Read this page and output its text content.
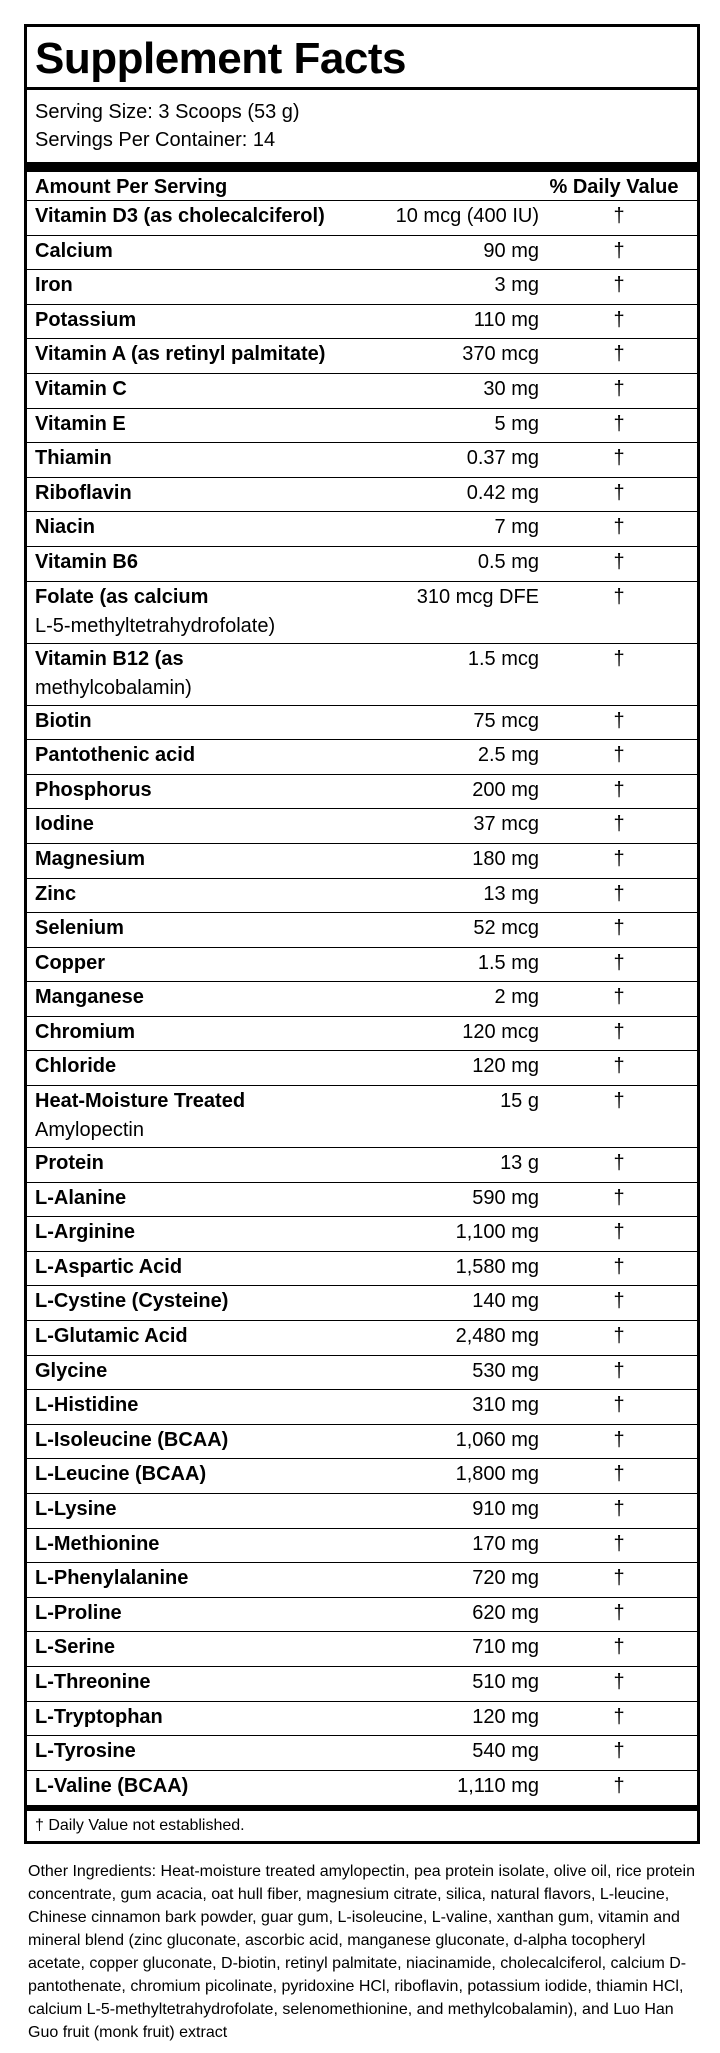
Supplement Facts
Serving Size: 3 Scoops (53 g)
Servings Per Container: 14
Amount Per Serving	% Daily Value
Vitamin D3 (as cholecalciferol)	10 mcg (400 IU)	†
Calcium	90 mg	†
Iron	3 mg	†
Potassium	110 mg	†
Vitamin A (as retinyl palmitate)	370 mcg	†
Vitamin C	30 mg	†
Vitamin E	5 mg	†
Thiamin	0.37 mg	†
Riboflavin	0.42 mg	†
Niacin	7 mg	†
Vitamin B6	0.5 mg	†
Folate (as calcium
L-5-methyltetrahydrofolate)
310 mcg DFE	†
Vitamin B12 (as
methylcobalamin)
1.5 mcg	†
Biotin	75 mcg	†
Pantothenic acid	2.5 mg	†
Phosphorus	200 mg	†
Iodine	37 mcg	†
Magnesium	180 mg	†
Zinc	13 mg	†
Selenium	52 mcg	†
Copper	1.5 mg	†
Manganese	2 mg	†
Chromium	120 mcg	†
Chloride	120 mg	†
Heat-Moisture Treated
Amylopectin
15 g	†
Protein	13 g	†
L-Alanine	590 mg	†
L-Arginine	1,100 mg	†
L-Aspartic Acid	1,580 mg	†
L-Cystine (Cysteine)	140 mg	†
L-Glutamic Acid	2,480 mg	†
Glycine	530 mg	†
L-Histidine	310 mg	†
L-Isoleucine (BCAA)	1,060 mg	†
L-Leucine (BCAA)	1,800 mg	†
L-Lysine	910 mg	†
L-Methionine	170 mg	†
L-Phenylalanine	720 mg	†
L-Proline	620 mg	†
L-Serine	710 mg	†
L-Threonine	510 mg	†
L-Tryptophan	120 mg	†
L-Tyrosine	540 mg	†
L-Valine (BCAA)	1,110 mg	†
† Daily Value not established.
Other Ingredients: Heat-moisture treated amylopectin, pea protein isolate, olive oil, rice protein concentrate, gum acacia, oat hull fiber, magnesium citrate, silica, natural flavors, L-leucine, Chinese cinnamon bark powder, guar gum, L-isoleucine, L-valine, xanthan gum, vitamin and mineral blend (zinc gluconate, ascorbic acid, manganese gluconate, d-alpha tocopheryl acetate, copper gluconate, D-biotin, retinyl palmitate, niacinamide, cholecalciferol, calcium D-pantothenate, chromium picolinate, pyridoxine HCl, riboflavin, potassium iodide, thiamin HCl, calcium L-5-methyltetrahydrofolate, selenomethionine, and methylcobalamin), and Luo Han Guo fruit (monk fruit) extract
